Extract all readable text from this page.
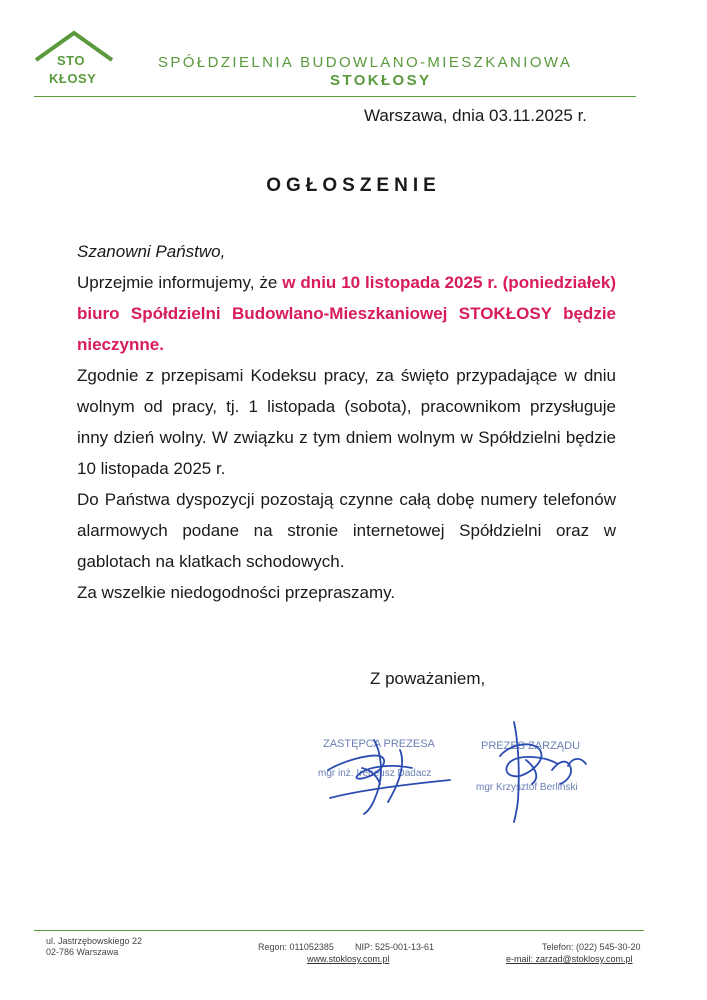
STO
KŁOSY
SPÓŁDZIELNIA BUDOWLANO-MIESZKANIOWA
STOKŁOSY
Warszawa, dnia 03.11.2025 r.
OGŁOSZENIE

Szanowni Państwo,

Uprzejmie informujemy, że w dniu 10 listopada 2025 r. (poniedziałek) biuro Spółdzielni Budowlano-Mieszkaniowej STOKŁOSY będzie nieczynne.

Zgodnie z przepisami Kodeksu pracy, za święto przypadające w dniu wolnym od pracy, tj. 1 listopada (sobota), pracownikom przysługuje inny dzień wolny. W związku z tym dniem wolnym w Spółdzielni będzie 10 listopada 2025 r.

Do Państwa dyspozycji pozostają czynne całą dobę numery telefonów alarmowych podane na stronie internetowej Spółdzielni oraz w gablotach na klatkach schodowych.

Za wszelkie niedogodności przepraszamy.

Z poważaniem,
ZASTĘPCA PREZESA
mgr inż. Ireneusz Dadacz
PREZES ZARZĄDU
mgr Krzysztof Berliński
ul. Jastrzębowskiego 22
02-786 Warszawa	Regon: 011052385 NIP: 525-001-13-61
www.stoklosy.com.pl
Telefon: (022) 545-30-20
e-mail: zarzad@stoklosy.com.pl
